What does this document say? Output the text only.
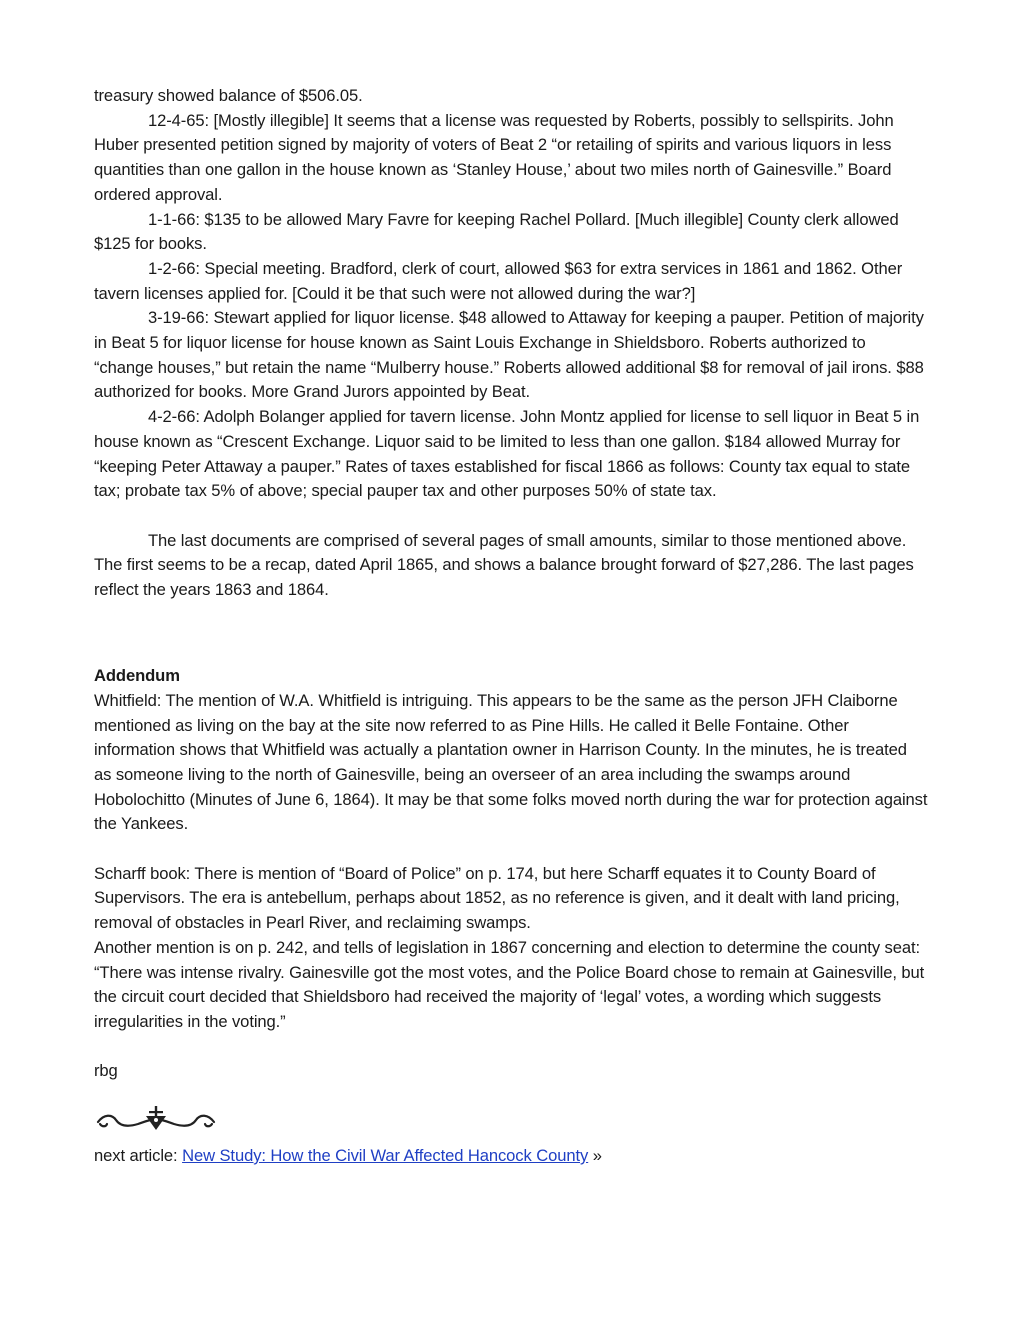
treasury showed balance of $506.05.

12-4-65: [Mostly illegible] It seems that a license was requested by Roberts, possibly to sellspirits. John Huber presented petition signed by majority of voters of Beat 2 “or retailing of spirits and various liquors in less quantities than one gallon in the house known as ‘Stanley House,’ about two miles north of Gainesville.” Board ordered approval.

1-1-66: $135 to be allowed Mary Favre for keeping Rachel Pollard. [Much illegible] County clerk allowed $125 for books.

1-2-66: Special meeting. Bradford, clerk of court, allowed $63 for extra services in 1861 and 1862. Other tavern licenses applied for. [Could it be that such were not allowed during the war?]

3-19-66: Stewart applied for liquor license. $48 allowed to Attaway for keeping a pauper. Petition of majority in Beat 5 for liquor license for house known as Saint Louis Exchange in Shieldsboro. Roberts authorized to “change houses,” but retain the name “Mulberry house.” Roberts allowed additional $8 for removal of jail irons. $88 authorized for books. More Grand Jurors appointed by Beat.

4-2-66: Adolph Bolanger applied for tavern license. John Montz applied for license to sell liquor in Beat 5 in house known as “Crescent Exchange. Liquor said to be limited to less than one gallon. $184 allowed Murray for “keeping Peter Attaway a pauper.” Rates of taxes established for fiscal 1866 as follows: County tax equal to state tax; probate tax 5% of above; special pauper tax and other purposes 50% of state tax.

The last documents are comprised of several pages of small amounts, similar to those mentioned above. The first seems to be a recap, dated April 1865, and shows a balance brought forward of $27,286. The last pages reflect the years 1863 and 1864.

Addendum

Whitfield: The mention of W.A. Whitfield is intriguing. This appears to be the same as the person JFH Claiborne mentioned as living on the bay at the site now referred to as Pine Hills. He called it Belle Fontaine. Other information shows that Whitfield was actually a plantation owner in Harrison County. In the minutes, he is treated as someone living to the north of Gainesville, being an overseer of an area including the swamps around Hobolochitto (Minutes of June 6, 1864). It may be that some folks moved north during the war for protection against the Yankees.

Scharff book: There is mention of “Board of Police” on p. 174, but here Scharff equates it to County Board of Supervisors. The era is antebellum, perhaps about 1852, as no reference is given, and it dealt with land pricing, removal of obstacles in Pearl River, and reclaiming swamps.

Another mention is on p. 242, and tells of legislation in 1867 concerning and election to determine the county seat: “There was intense rivalry. Gainesville got the most votes, and the Police Board chose to remain at Gainesville, but the circuit court decided that Shieldsboro had received the majority of ‘legal’ votes, a wording which suggests irregularities in the voting.”

rbg

next article: New Study: How the Civil War Affected Hancock County »
